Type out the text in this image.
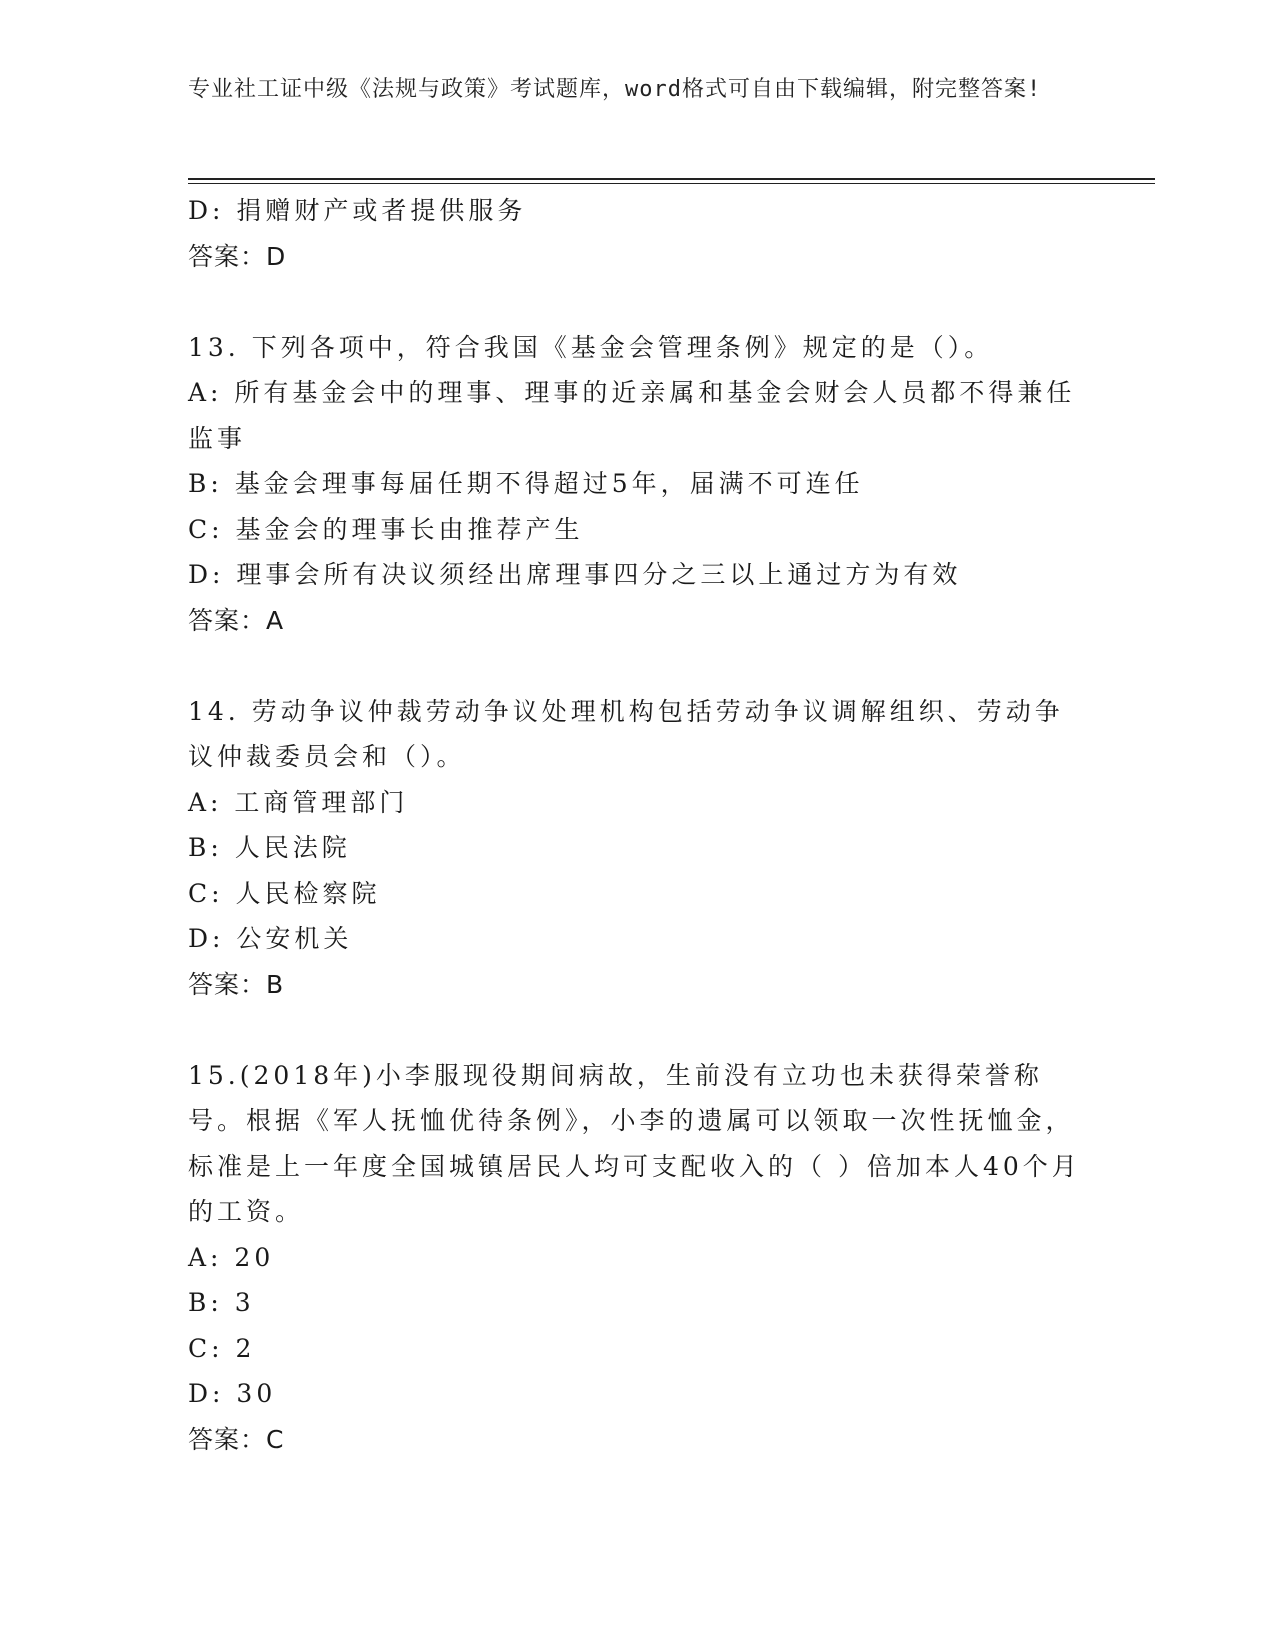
专业社工证中级《法规与政策》考试题库，word格式可自由下载编辑，附完整答案!
D: 捐赠财产或者提供服务
答案：D
13. 下列各项中，符合我国《基金会管理条例》规定的是（）。
A: 所有基金会中的理事、理事的近亲属和基金会财会人员都不得兼任监事
B: 基金会理事每届任期不得超过5年，届满不可连任
C: 基金会的理事长由推荐产生
D: 理事会所有决议须经出席理事四分之三以上通过方为有效
答案：A
14. 劳动争议仲裁劳动争议处理机构包括劳动争议调解组织、劳动争议仲裁委员会和（）。
A: 工商管理部门
B: 人民法院
C: 人民检察院
D: 公安机关
答案：B
15.(2018年)小李服现役期间病故，生前没有立功也未获得荣誉称号。根据《军人抚恤优待条例》，小李的遗属可以领取一次性抚恤金，标准是上一年度全国城镇居民人均可支配收入的（ ）倍加本人40个月的工资。
A: 20
B: 3
C: 2
D: 30
答案：C
